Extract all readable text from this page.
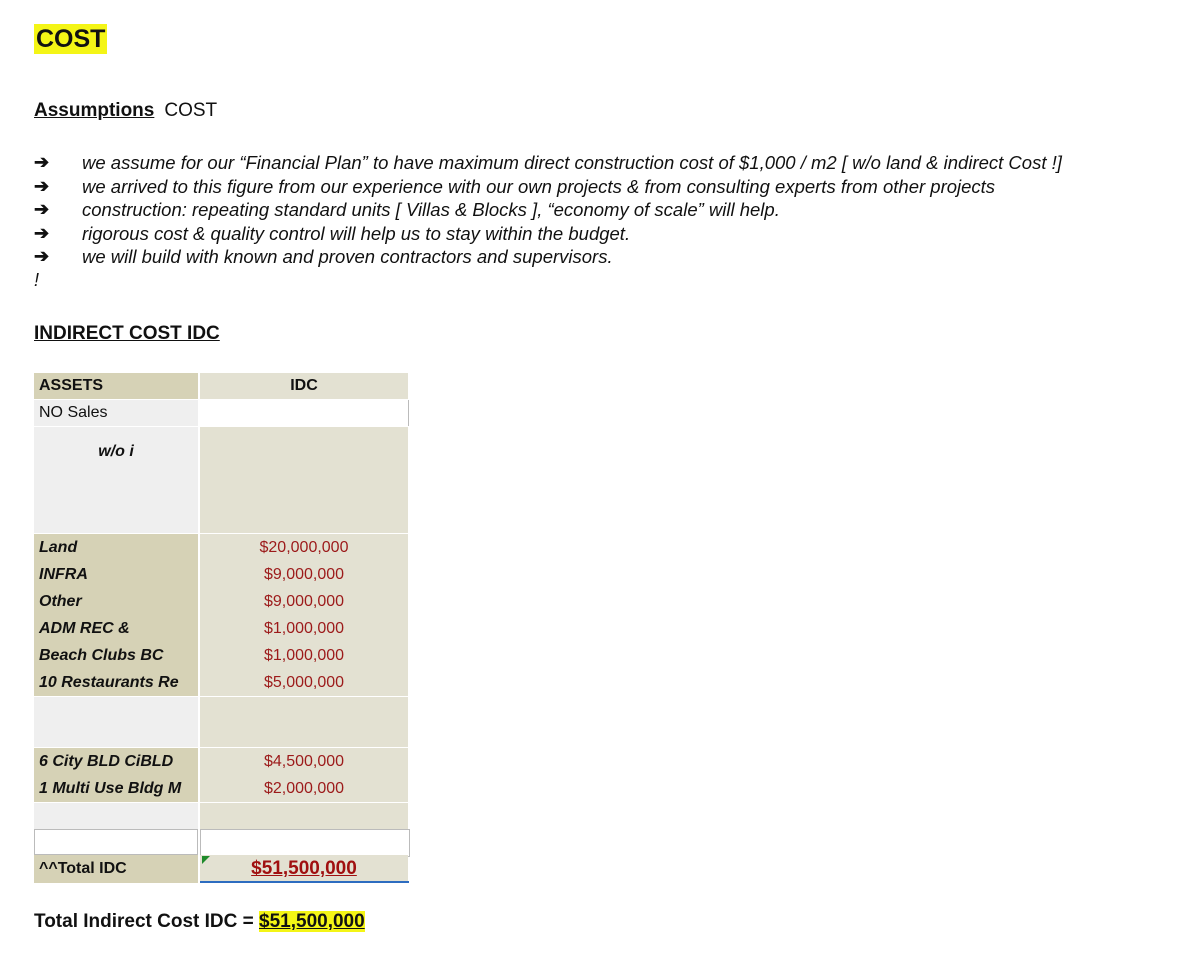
COST
Assumptions COST
➔	we assume for our “Financial Plan” to have maximum direct construction cost of $1,000 / m2 [ w/o land & indirect Cost !]
➔	we arrived to this figure from our experience with our own projects & from consulting experts from other projects
➔	construction: repeating standard units [ Villas & Blocks ], “economy of scale” will help.
➔	rigorous cost & quality control will help us to stay within the budget.
➔	we will build with known and proven contractors and supervisors.
!
INDIRECT COST IDC
ASSETS	IDC
NO Sales
w/o i
Land	$20,000,000
INFRA	$9,000,000
Other	$9,000,000
ADM REC &	$1,000,000
Beach Clubs BC	$1,000,000
10 Restaurants Re	$5,000,000
6 City BLD CiBLD	$4,500,000
1 Multi Use Bldg M	$2,000,000
^^Total IDC	$51,500,000
Total Indirect Cost IDC = $51,500,000
